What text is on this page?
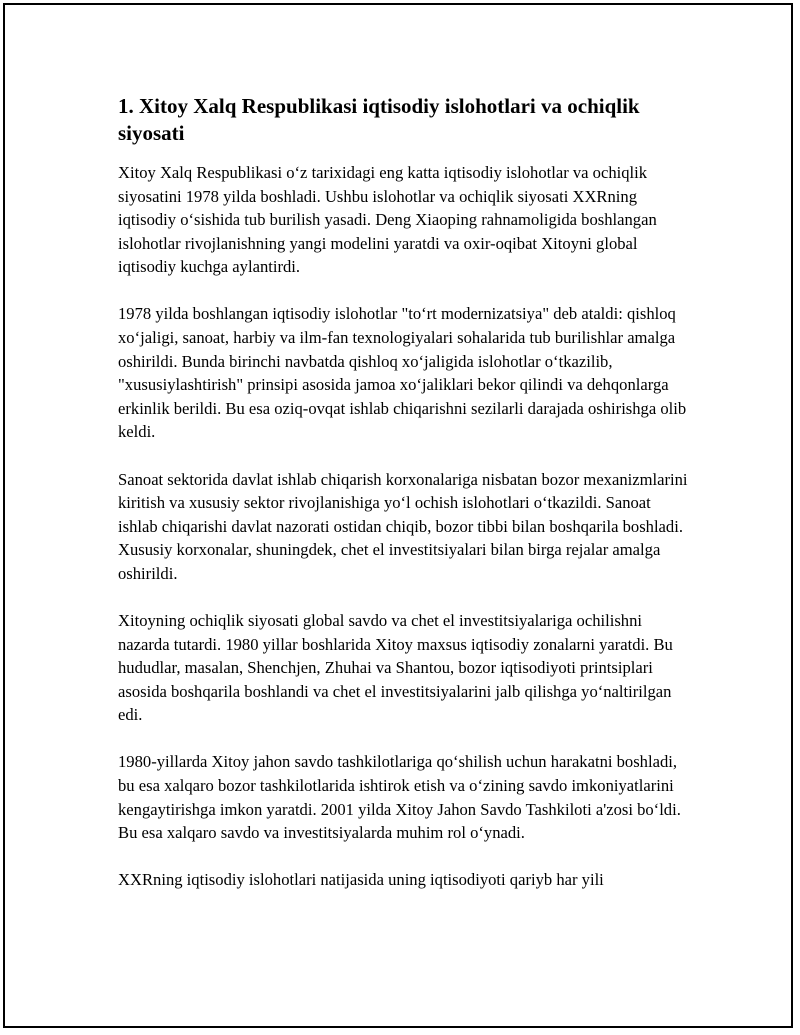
1. Xitoy Xalq Respublikasi iqtisodiy islohotlari va ochiqlik siyosati

Xitoy Xalq Respublikasi o‘z tarixidagi eng katta iqtisodiy islohotlar va ochiqlik siyosatini 1978 yilda boshladi. Ushbu islohotlar va ochiqlik siyosati XXRning iqtisodiy o‘sishida tub burilish yasadi. Deng Xiaoping rahnamoligida boshlangan islohotlar rivojlanishning yangi modelini yaratdi va oxir-oqibat Xitoyni global iqtisodiy kuchga aylantirdi.

1978 yilda boshlangan iqtisodiy islohotlar "to‘rt modernizatsiya" deb ataldi: qishloq xo‘jaligi, sanoat, harbiy va ilm-fan texnologiyalari sohalarida tub burilishlar amalga oshirildi. Bunda birinchi navbatda qishloq xo‘jaligida islohotlar o‘tkazilib, "xususiylashtirish" prinsipi asosida jamoa xo‘jaliklari bekor qilindi va dehqonlarga erkinlik berildi. Bu esa oziq-ovqat ishlab chiqarishni sezilarli darajada oshirishga olib keldi.

Sanoat sektorida davlat ishlab chiqarish korxonalariga nisbatan bozor mexanizmlarini kiritish va xususiy sektor rivojlanishiga yo‘l ochish islohotlari o‘tkazildi. Sanoat ishlab chiqarishi davlat nazorati ostidan chiqib, bozor tibbi bilan boshqarila boshladi. Xususiy korxonalar, shuningdek, chet el investitsiyalari bilan birga rejalar amalga oshirildi.

Xitoyning ochiqlik siyosati global savdo va chet el investitsiyalariga ochilishni nazarda tutardi. 1980 yillar boshlarida Xitoy maxsus iqtisodiy zonalarni yaratdi. Bu hududlar, masalan, Shenchjen, Zhuhai va Shantou, bozor iqtisodiyoti printsiplari asosida boshqarila boshlandi va chet el investitsiyalarini jalb qilishga yo‘naltirilgan edi.

1980-yillarda Xitoy jahon savdo tashkilotlariga qo‘shilish uchun harakatni boshladi, bu esa xalqaro bozor tashkilotlarida ishtirok etish va o‘zining savdo imkoniyatlarini kengaytirishga imkon yaratdi. 2001 yilda Xitoy Jahon Savdo Tashkiloti a'zosi bo‘ldi. Bu esa xalqaro savdo va investitsiyalarda muhim rol o‘ynadi.

XXRning iqtisodiy islohotlari natijasida uning iqtisodiyoti qariyb har yili
